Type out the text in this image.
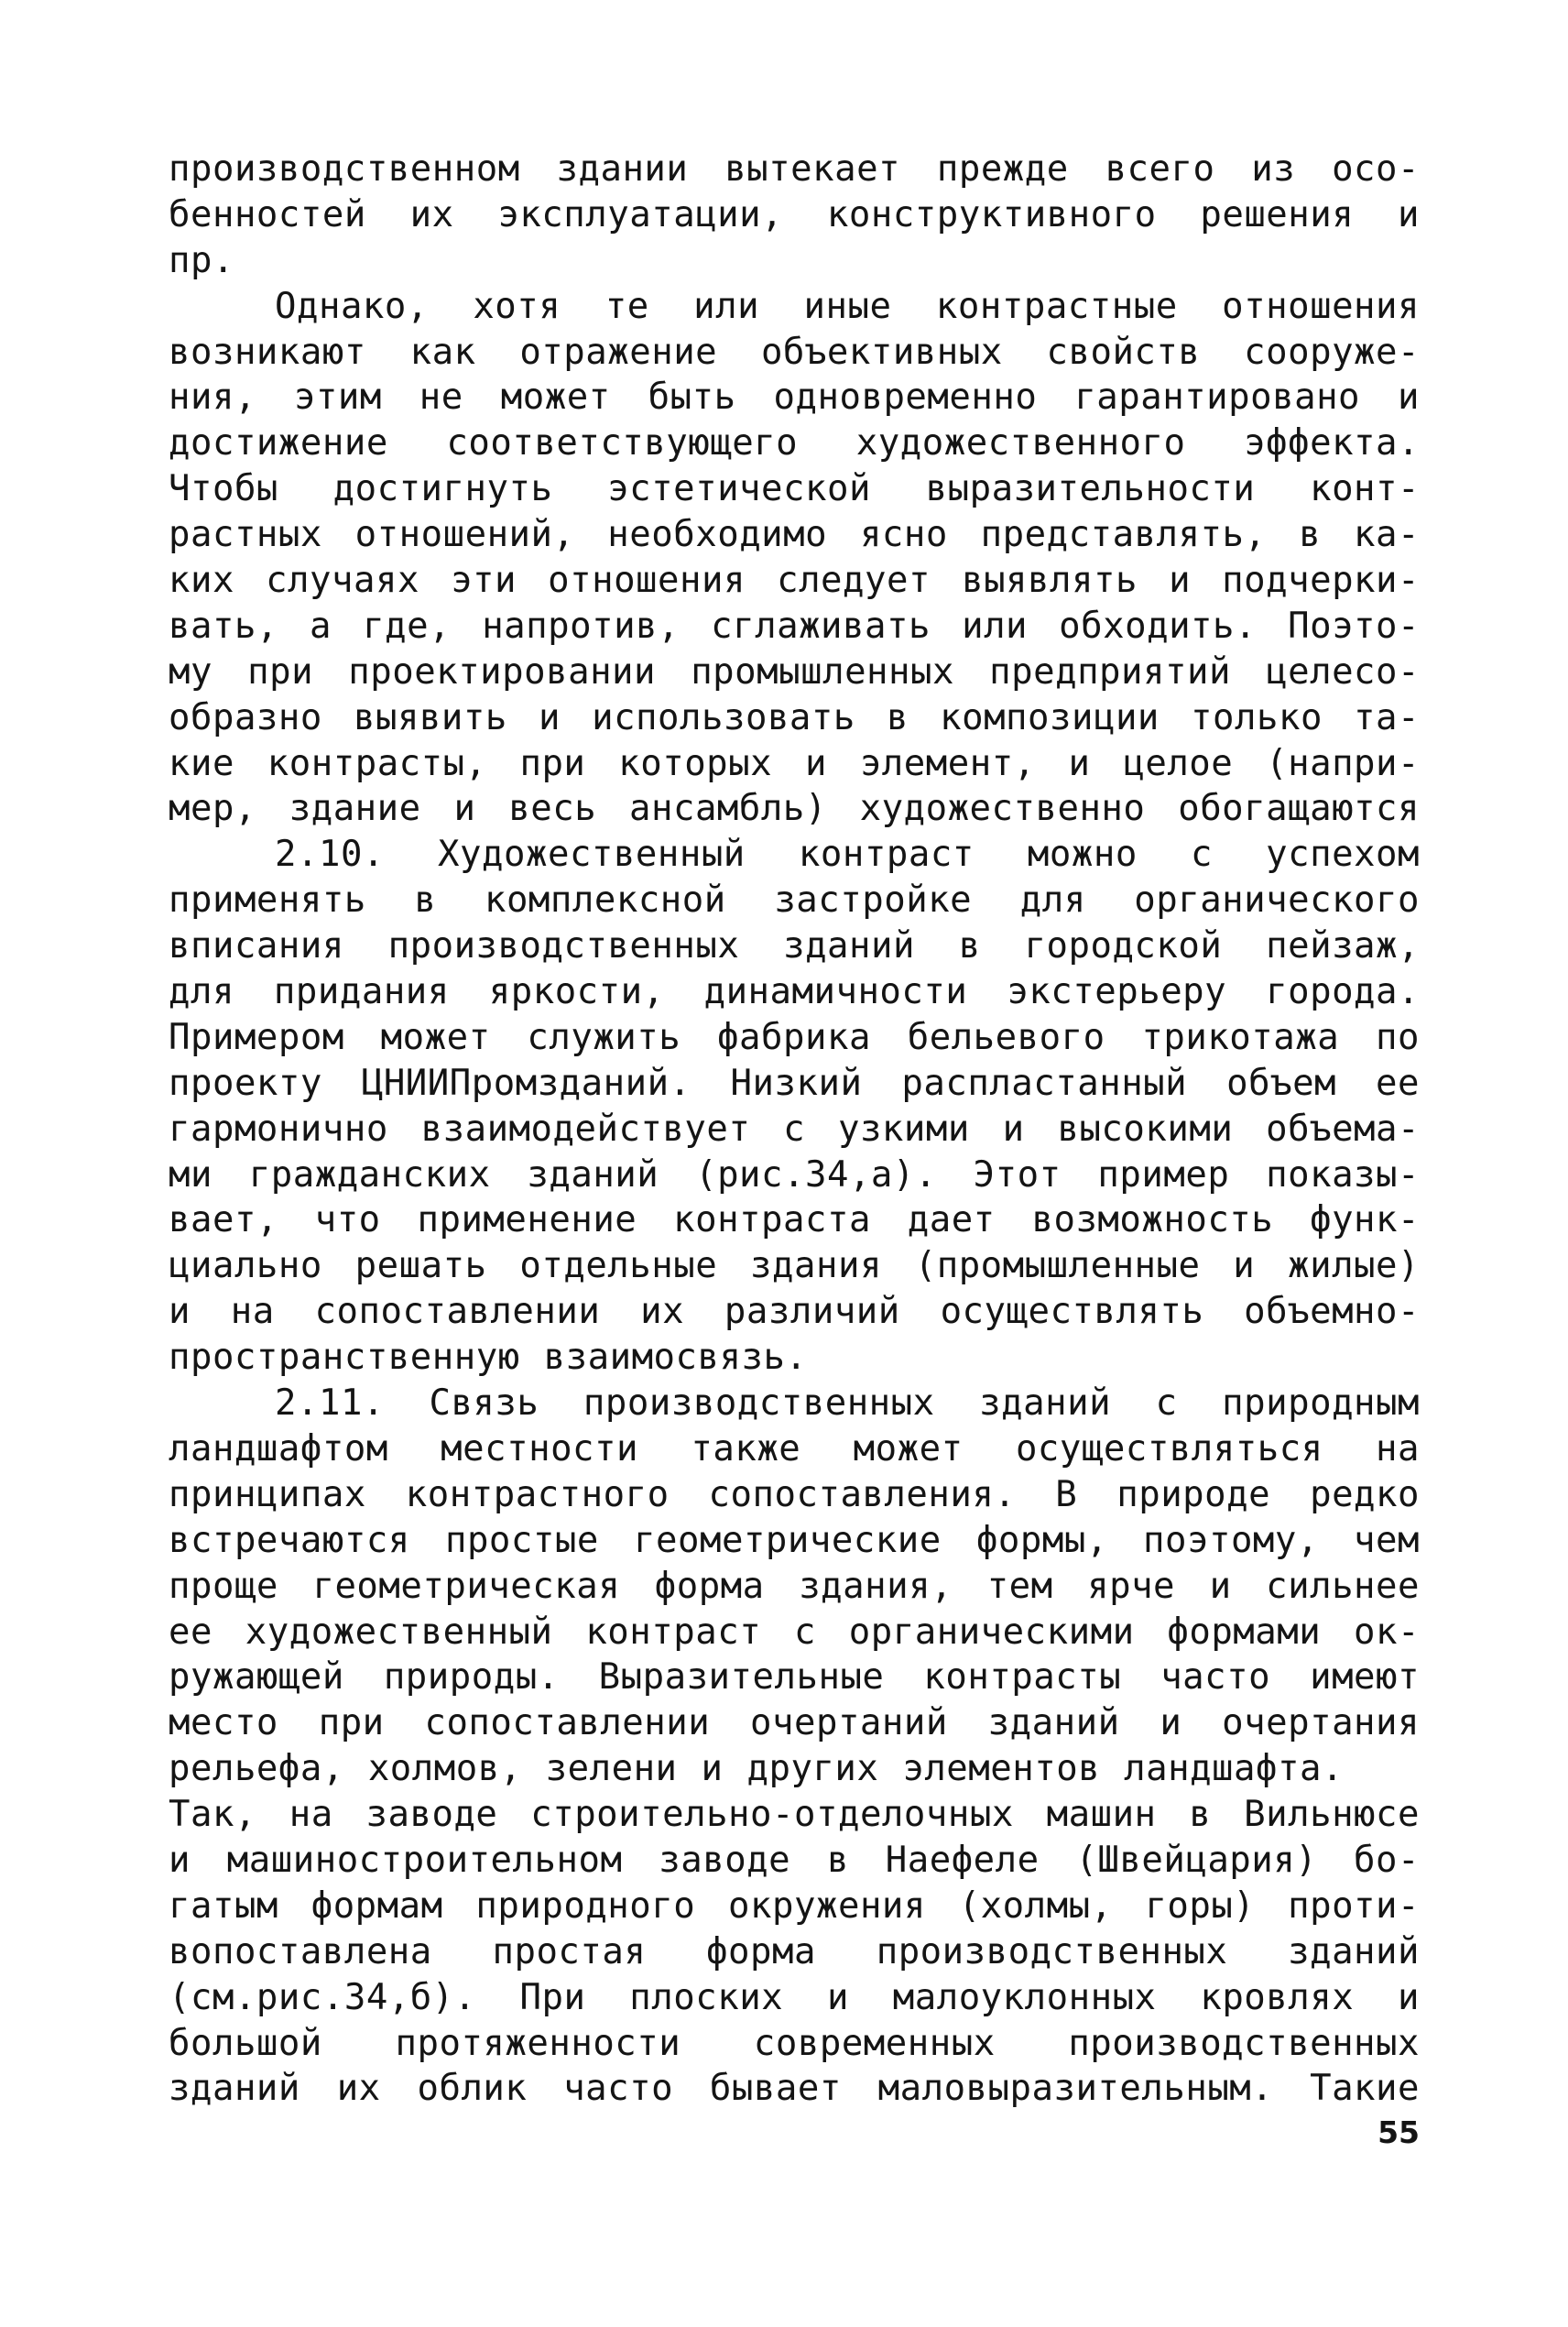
производственном здании вытекает прежде всего из осо-
бенностей их эксплуатации, конструктивного решения и
пр.
Однако, хотя те или иные контрастные отношения
возникают как отражение объективных свойств сооруже-
ния, этим не может быть одновременно гарантировано и
достижение соответствующего художественного эффекта.
Чтобы достигнуть эстетической выразительности конт-
растных отношений, необходимо ясно представлять, в ка-
ких случаях эти отношения следует выявлять и подчерки-
вать, а где, напротив, сглаживать или обходить. Поэто-
му при проектировании промышленных предприятий целесо-
образно выявить и использовать в композиции только та-
кие контрасты, при которых и элемент, и целое (напри-
мер, здание и весь ансамбль) художественно обогащаются
2.10. Художественный контраст можно с успехом
применять в комплексной застройке для органического
вписания производственных зданий в городской пейзаж,
для придания яркости, динамичности экстерьеру города.
Примером может служить фабрика бельевого трикотажа по
проекту ЦНИИПромзданий. Низкий распластанный объем ее
гармонично взаимодействует с узкими и высокими объема-
ми гражданских зданий (рис.34,а). Этот пример показы-
вает, что применение контраста дает возможность функ-
циально решать отдельные здания (промышленные и жилые)
и на сопоставлении их различий осуществлять объемно-
пространственную взаимосвязь.
2.11. Связь производственных зданий с природным
ландшафтом местности также может осуществляться на
принципах контрастного сопоставления. В природе редко
встречаются простые геометрические формы, поэтому, чем
проще геометрическая форма здания, тем ярче и сильнее
ее художественный контраст с органическими формами ок-
ружающей природы. Выразительные контрасты часто имеют
место при сопоставлении очертаний зданий и очертания
рельефа, холмов, зелени и других элементов ландшафта.
Так, на заводе строительно-отделочных машин в Вильнюсе
и машиностроительном заводе в Наефеле (Швейцария) бо-
гатым формам природного окружения (холмы, горы) проти-
вопоставлена простая форма производственных зданий
(см.рис.34,б). При плоских и малоуклонных кровлях и
большой протяженности современных производственных
зданий их облик часто бывает маловыразительным. Такие
55
